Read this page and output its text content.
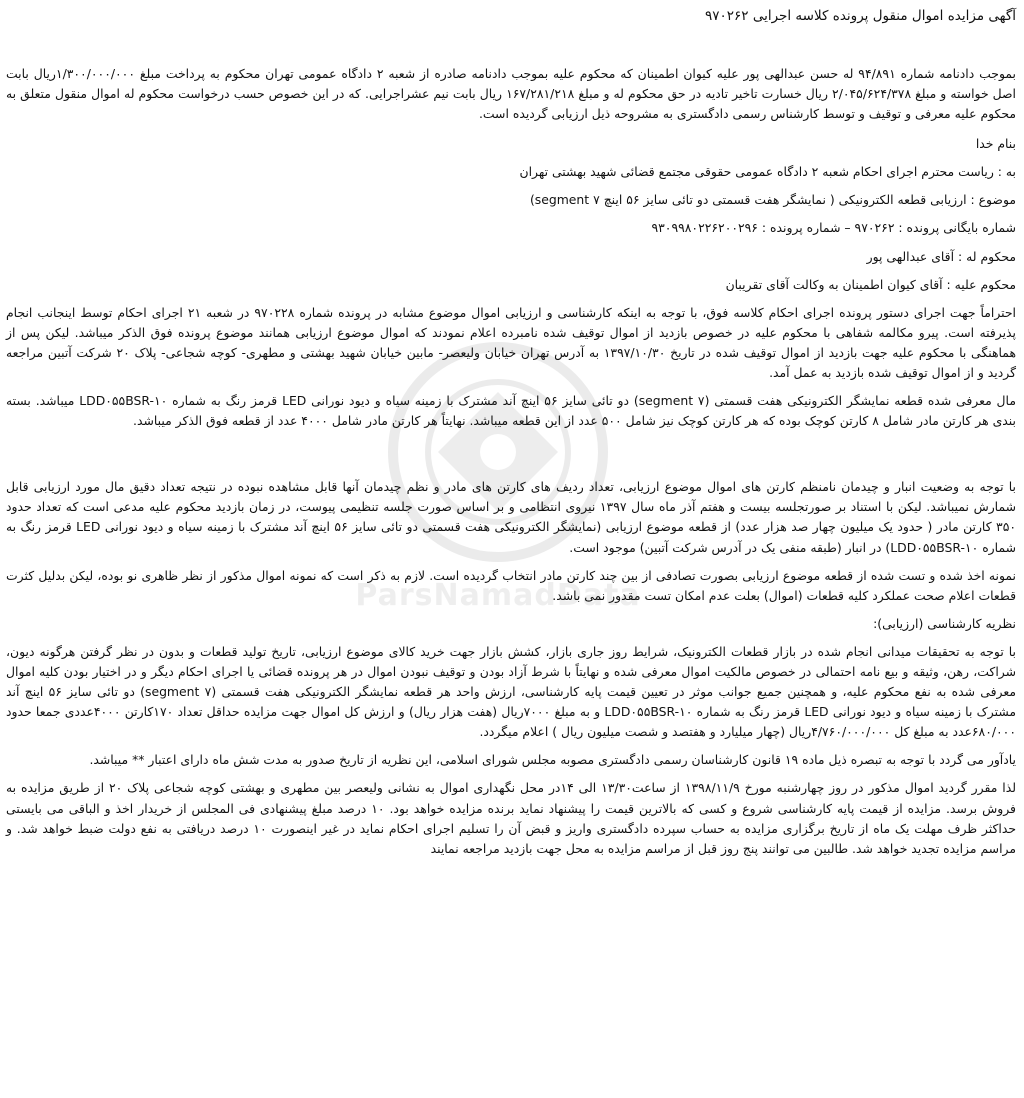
ParsNamadData
آگهی مزایده اموال منقول پرونده کلاسه اجرایی ۹۷۰۲۶۲

بموجب دادنامه شماره ۹۴/۸۹۱ له حسن عبدالهی پور علیه کیوان اطمینان که محکوم علیه بموجب دادنامه صادره از شعبه ۲ دادگاه عمومی تهران محکوم به پرداخت مبلغ ۱/۳۰۰/۰۰۰/۰۰۰ریال بابت اصل خواسته و مبلغ ۲/۰۴۵/۶۲۴/۳۷۸ ریال خسارت تاخیر تادیه در حق محکوم له و مبلغ ۱۶۷/۲۸۱/۲۱۸ ریال بابت نیم عشراجرایی. که در این خصوص حسب درخواست محکوم له اموال منقول متعلق به محکوم علیه معرفی و توقیف و توسط کارشناس رسمی دادگستری به مشروحه ذیل ارزیابی گردیده است.

بنام خدا

به : ریاست محترم اجرای احکام شعبه ۲ دادگاه عمومی حقوقی مجتمع قضائی شهید بهشتی تهران

موضوع : ارزیابی قطعه الکترونیکی ( نمایشگر هفت قسمتی دو تائی سایز ۵۶ اینچ ۷ segment)

شماره بایگانی پرونده : ۹۷۰۲۶۲ – شماره پرونده : ۹۳۰۹۹۸۰۲۲۶۲۰۰۲۹۶

محکوم له : آقای عبدالهی پور

محکوم علیه : آقای کیوان اطمینان به وکالت آقای تقریبان

احتراماً جهت اجرای دستور پرونده اجرای احکام کلاسه فوق، با توجه به اینکه کارشناسی و ارزیابی اموال موضوع مشابه در پرونده شماره ۹۷۰۲۲۸ در شعبه ۲۱ اجرای احکام توسط اینجانب انجام پذیرفته است. پیرو مکالمه شفاهی با محکوم علیه در خصوص بازدید از اموال توقیف شده نامبرده اعلام نمودند که اموال موضوع ارزیابی همانند موضوع پرونده فوق الذکر میباشد. لیکن پس از هماهنگی با محکوم علیه جهت بازدید از اموال توقیف شده در تاریخ ۱۳۹۷/۱۰/۳۰ به آدرس تهران خیابان ولیعصر- مابین خیابان شهید بهشتی و مطهری- کوچه شجاعی- پلاک ۲۰ شرکت آتبین مراجعه گردید و از اموال توقیف شده بازدید به عمل آمد.

مال معرفی شده قطعه نمایشگر الکترونیکی هفت قسمتی (۷ segment) دو تائی سایز ۵۶ اینچ آند مشترک با زمینه سیاه و دیود نورانی LED قرمز رنگ به شماره LDD۰۵۵BSR-۱۰ میباشد. بسته بندی هر کارتن مادر شامل ۸ کارتن کوچک بوده که هر کارتن کوچک نیز شامل ۵۰۰ عدد از این قطعه میباشد. نهایتاً هر کارتن مادر شامل ۴۰۰۰ عدد از قطعه فوق الذکر میباشد.

با توجه به وضعیت انبار و چیدمان نامنظم کارتن های اموال موضوع ارزیابی، تعداد ردیف های کارتن های مادر و نظم چیدمان آنها قابل مشاهده نبوده در نتیجه تعداد دقیق مال مورد ارزیابی قابل شمارش نمیباشد. لیکن با استناد بر صورتجلسه بیست و هفتم آذر ماه سال ۱۳۹۷ نیروی انتظامی و بر اساس صورت جلسه تنظیمی پیوست، در زمان بازدید محکوم علیه مدعی است که تعداد حدود ۳۵۰ کارتن مادر ( حدود یک میلیون چهار صد هزار عدد) از قطعه موضوع ارزیابی (نمایشگر الکترونیکی هفت قسمتی دو تائی سایز ۵۶ اینچ آند مشترک با زمینه سیاه و دیود نورانی LED قرمز رنگ به شماره LDD۰۵۵BSR-۱۰) در انبار (طبقه منفی یک در آدرس شرکت آتبین) موجود است.

نمونه اخذ شده و تست شده از قطعه موضوع ارزیابی بصورت تصادفی از بین چند کارتن مادر انتخاب گردیده است. لازم به ذکر است که نمونه اموال مذکور از نظر ظاهری نو بوده، لیکن بدلیل کثرت قطعات اعلام صحت عملکرد کلیه قطعات (اموال) بعلت عدم امکان تست مقدور نمی باشد.

نظریه کارشناسی (ارزیابی):

با توجه به تحقیقات میدانی انجام شده در بازار قطعات الکترونیک، شرایط روز جاری بازار، کشش بازار جهت خرید کالای موضوع ارزیابی، تاریخ تولید قطعات و بدون در نظر گرفتن هرگونه دیون، شراکت، رهن، وثیقه و بیع نامه احتمالی در خصوص مالکیت اموال معرفی شده و نهایتاً با شرط آزاد بودن و توقیف نبودن اموال در هر پرونده قضائی یا اجرای احکام دیگر و در اختیار بودن کلیه اموال معرفی شده به نفع محکوم علیه، و همچنین جمیع جوانب موثر در تعیین قیمت پایه کارشناسی، ارزش واحد هر قطعه نمایشگر الکترونیکی هفت قسمتی (۷ segment) دو تائی سایز ۵۶ اینچ آند مشترک با زمینه سیاه و دیود نورانی LED قرمز رنگ به شماره LDD۰۵۵BSR-۱۰ و به مبلغ ۷۰۰۰ریال (هفت هزار ریال) و ارزش کل اموال جهت مزایده حداقل تعداد ۱۷۰کارتن ۴۰۰۰عددی جمعا حدود ۶۸۰/۰۰۰عدد به مبلغ کل ۴/۷۶۰/۰۰۰/۰۰۰ریال (چهار میلیارد و هفتصد و شصت میلیون ریال ) اعلام میگردد.

یادآور می گردد با توجه به تبصره ذیل ماده ۱۹ قانون کارشناسان رسمی دادگستری مصوبه مجلس شورای اسلامی، این نظریه از تاریخ صدور به مدت شش ماه دارای اعتبار ** میباشد.

لذا مقرر گردید اموال مذکور در روز چهارشنبه مورخ ۱۳۹۸/۱۱/۹ از ساعت۱۳/۳۰ الی ۱۴در محل نگهداری اموال به نشانی ولیعصر بین مطهری و بهشتی کوچه شجاعی پلاک ۲۰ از طریق مزایده به فروش برسد. مزایده از قیمت پایه کارشناسی شروع و کسی که بالاترین قیمت را پیشنهاد نماید برنده مزایده خواهد بود. ۱۰ درصد مبلغ پیشنهادی فی المجلس از خریدار اخذ و الباقی می بایستی حداکثر ظرف مهلت یک ماه از تاریخ برگزاری مزایده به حساب سپرده دادگستری واریز و قبض آن را تسلیم اجرای احکام نماید در غیر اینصورت ۱۰ درصد دریافتی به نفع دولت ضبط خواهد شد. و مراسم مزایده تجدید خواهد شد. طالبین می توانند پنج روز قبل از مراسم مزایده به محل جهت بازدید مراجعه نمایند
